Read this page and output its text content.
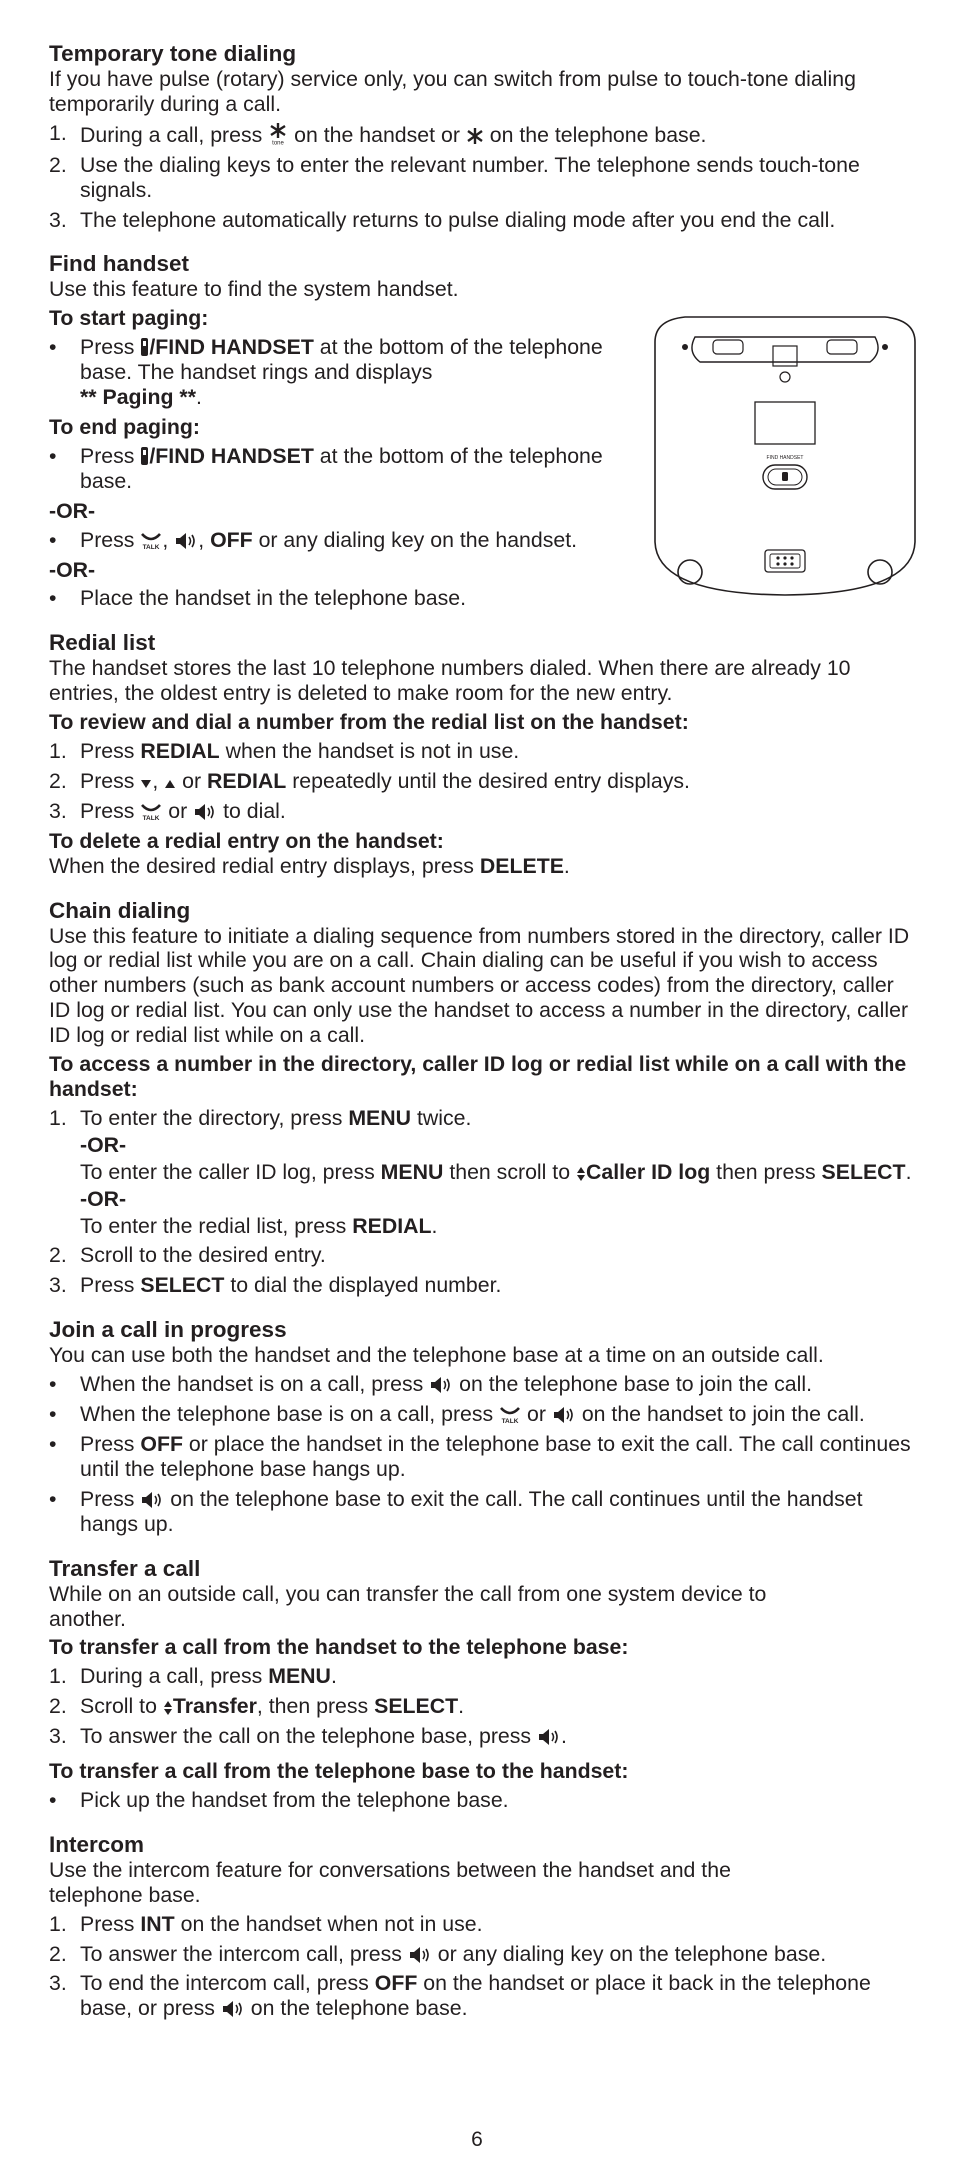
Temporary tone dialing

If you have pulse (rotary) service only, you can switch from pulse to touch-tone dialing temporarily during a call.

1. During a call, press tone on the handset or on the telephone base.
2. Use the dialing keys to enter the relevant number. The telephone sends touch-tone signals.
3. The telephone automatically returns to pulse dialing mode after you end the call.
FIND HANDSET
Find handset

Use this feature to find the system handset.

To start paging:

• Press /FIND HANDSET at the bottom of the telephone base. The handset rings and displays
** Paging **.

To end paging:

• Press /FIND HANDSET at the bottom of the telephone base.

-OR-

• Press TALK , , OFF or any dialing key on the handset.

-OR-

• Place the handset in the telephone base.
Redial list

The handset stores the last 10 telephone numbers dialed. When there are already 10 entries, the oldest entry is deleted to make room for the new entry.

To review and dial a number from the redial list on the handset:

1. Press REDIAL when the handset is not in use.
2. Press ,  or REDIAL repeatedly until the desired entry displays.
3. Press TALK or to dial.

To delete a redial entry on the handset:

When the desired redial entry displays, press DELETE.

Chain dialing

Use this feature to initiate a dialing sequence from numbers stored in the directory, caller ID log or redial list while you are on a call. Chain dialing can be useful if you wish to access other numbers (such as bank account numbers or access codes) from the directory, caller ID log or redial list. You can only use the handset to access a number in the directory, caller ID log or redial list while on a call.

To access a number in the directory, caller ID log or redial list while on a call with the handset:

1. To enter the directory, press MENU twice.

-OR-

To enter the caller ID log, press MENU then scroll to Caller ID log then press SELECT.

-OR-

To enter the redial list, press REDIAL.

2. Scroll to the desired entry.
3. Press SELECT to dial the displayed number.
Join a call in progress

You can use both the handset and the telephone base at a time on an outside call.

• When the handset is on a call, press on the telephone base to join the call.
• When the telephone base is on a call, press TALK or on the handset to join the call.
• Press OFF or place the handset in the telephone base to exit the call. The call continues until the telephone base hangs up.
• Press on the telephone base to exit the call. The call continues until the handset hangs up.
Transfer a call

While on an outside call, you can transfer the call from one system device to another.

To transfer a call from the handset to the telephone base:

1. During a call, press MENU.
2. Scroll to Transfer, then press SELECT.
3. To answer the call on the telephone base, press .

To transfer a call from the telephone base to the handset:

• Pick up the handset from the telephone base.
Intercom

Use the intercom feature for conversations between the handset and the telephone base.

1. Press INT on the handset when not in use.
2. To answer the intercom call, press or any dialing key on the telephone base.
3. To end the intercom call, press OFF on the handset or place it back in the telephone base, or press on the telephone base.
6
